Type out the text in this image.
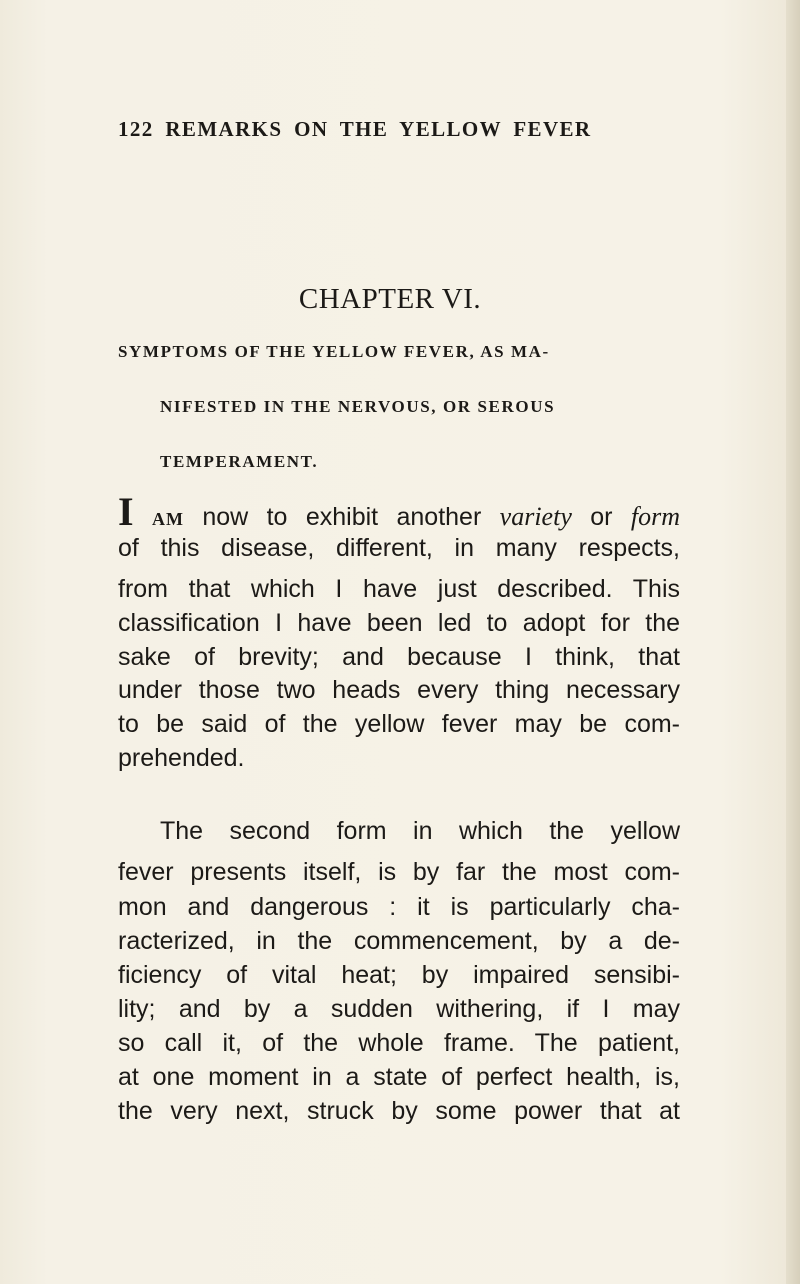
122 REMARKS ON THE YELLOW FEVER
CHAPTER VI.
SYMPTOMS OF THE YELLOW FEVER, AS MA-
NIFESTED IN THE NERVOUS, OR SEROUS
TEMPERAMENT.
I AM now to exhibit another variety or form
of this disease, different, in many respects,
from that which I have just described. This
classification I have been led to adopt for the
sake of brevity; and because I think, that
under those two heads every thing necessary
to be said of the yellow fever may be com-
prehended.
The second form in which the yellow
fever presents itself, is by far the most com-
mon and dangerous : it is particularly cha-
racterized, in the commencement, by a de-
ficiency of vital heat; by impaired sensibi-
lity; and by a sudden withering, if I may
so call it, of the whole frame. The patient,
at one moment in a state of perfect health, is,
the very next, struck by some power that at
